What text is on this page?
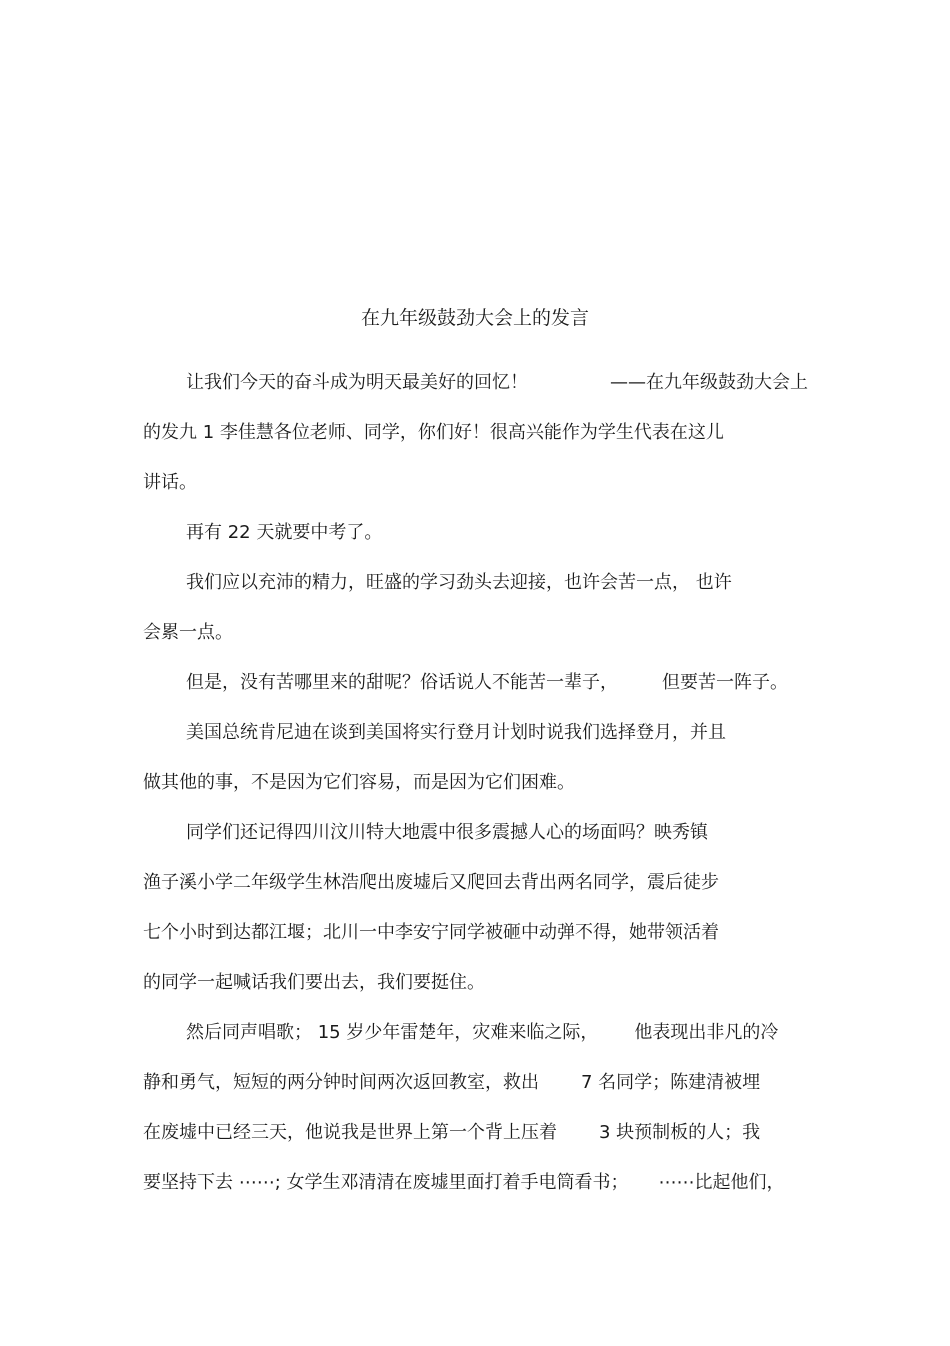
在九年级鼓劲大会上的发言
让我们今天的奋斗成为明天最美好的回忆！	——在九年级鼓劲大会上
的发九 1 李佳慧各位老师、同学，你们好！很高兴能作为学生代表在这儿
讲话。
再有 22 天就要中考了。
我们应以充沛的精力，旺盛的学习劲头去迎接，也许会苦一点， 也许
会累一点。
但是，没有苦哪里来的甜呢？俗话说人不能苦一辈子， 但要苦一阵子。
美国总统肯尼迪在谈到美国将实行登月计划时说我们选择登月，并且
做其他的事，不是因为它们容易，而是因为它们困难。
同学们还记得四川汶川特大地震中很多震撼人心的场面吗？映秀镇
渔子溪小学二年级学生林浩爬出废墟后又爬回去背出两名同学，震后徒步
七个小时到达都江堰；北川一中李安宁同学被砸中动弹不得，她带领活着
的同学一起喊话我们要出去，我们要挺住。
然后同声唱歌； 15 岁少年雷楚年，灾难来临之际， 他表现出非凡的冷
静和勇气，短短的两分钟时间两次返回教室，救出 7 名同学；陈建清被埋
在废墟中已经三天，他说我是世界上第一个背上压着 3 块预制板的人；我
要坚持下去 ⋯⋯; 女学生邓清清在废墟里面打着手电筒看书； ⋯⋯比起他们，
